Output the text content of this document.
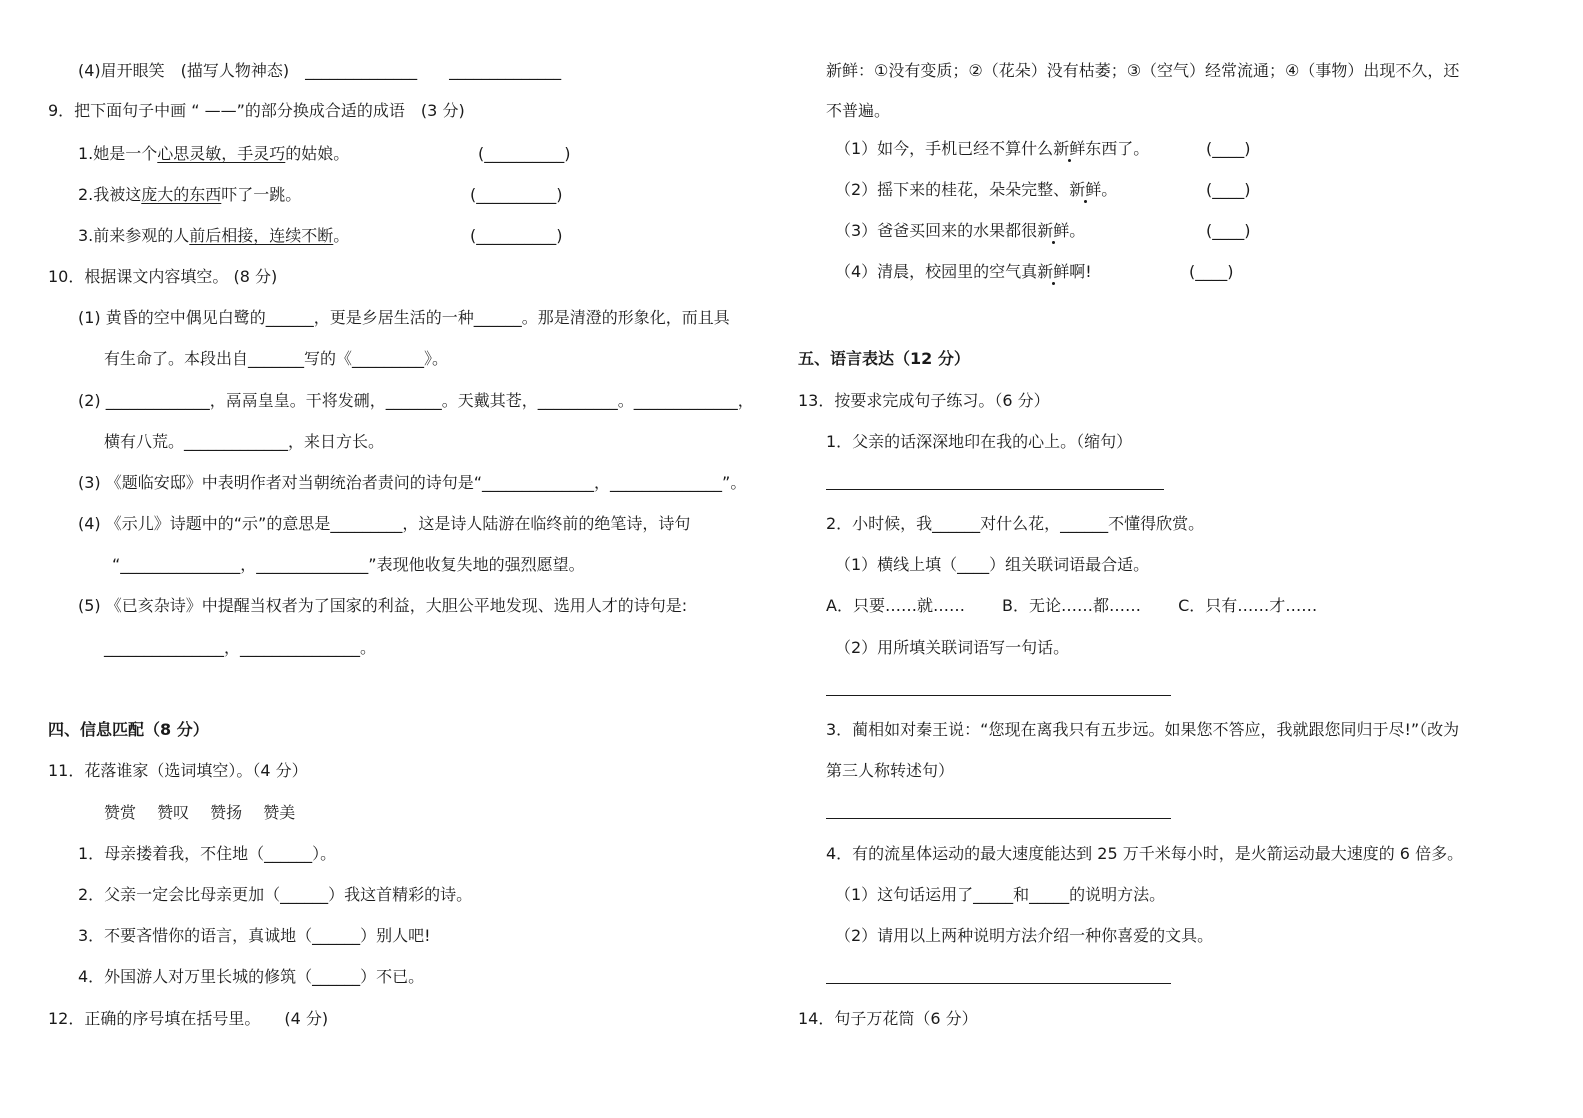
(4)眉开眼笑　(描写人物神态)　______________　　______________
9．把下面句子中画 “ ——”的部分换成合适的成语　(3 分)
1.她是一个心思灵敏，手灵巧的姑娘。	(__________)
2.我被这庞大的东西吓了一跳。	(__________)
3.前来参观的人前后相接，连续不断。	(__________)
10．根据课文内容填空。 (8 分)
(1) 黄昏的空中偶见白鹭的______，更是乡居生活的一种______。那是清澄的形象化，而且具
有生命了。本段出自_______写的《_________》。
(2) _____________，鬲鬲皇皇。干将发硎，_______。天戴其苍，__________。_____________，
横有八荒。_____________，来日方长。
(3) 《题临安邸》中表明作者对当朝统治者责问的诗句是“______________，______________”。
(4) 《示儿》诗题中的“示”的意思是_________，这是诗人陆游在临终前的绝笔诗，诗句
“_______________，______________”表现他收复失地的强烈愿望。
(5) 《已亥杂诗》中提醒当权者为了国家的利益，大胆公平地发现、选用人才的诗句是:
_______________，_______________。
四、信息匹配（8 分）
11．花落谁家（选词填空）。（4 分）
赞赏　 赞叹　 赞扬　 赞美
1．母亲搂着我，不住地（______）。
2．父亲一定会比母亲更加（______）我这首精彩的诗。
3．不要吝惜你的语言，真诚地（______）别人吧!
4．外国游人对万里长城的修筑（______）不已。
12．正确的序号填在括号里。　　(4 分)
新鲜：①没有变质；②（花朵）没有枯萎；③（空气）经常流通；④（事物）出现不久，还
不普遍。
（1）如今，手机已经不算什么新鲜东西了。	(____)
（2）摇下来的桂花，朵朵完整、新鲜。	(____)
（3）爸爸买回来的水果都很新鲜。	(____)
（4）清晨，校园里的空气真新鲜啊!	(____)
五、语言表达（12 分）
13．按要求完成句子练习。（6 分）
1．父亲的话深深地印在我的心上。（缩句）
2．小时候，我______对什么花，______不懂得欣赏。
（1）横线上填（____）组关联词语最合适。
A．只要……就……　　 B．无论……都……　　 C．只有……才……
（2）用所填关联词语写一句话。
3．蔺相如对秦王说：“您现在离我只有五步远。如果您不答应，我就跟您同归于尽!”（改为
第三人称转述句）
4．有的流星体运动的最大速度能达到 25 万千米每小时，是火箭运动最大速度的 6 倍多。
（1）这句话运用了_____和_____的说明方法。
（2）请用以上两种说明方法介绍一种你喜爱的文具。
14．句子万花筒（6 分）
